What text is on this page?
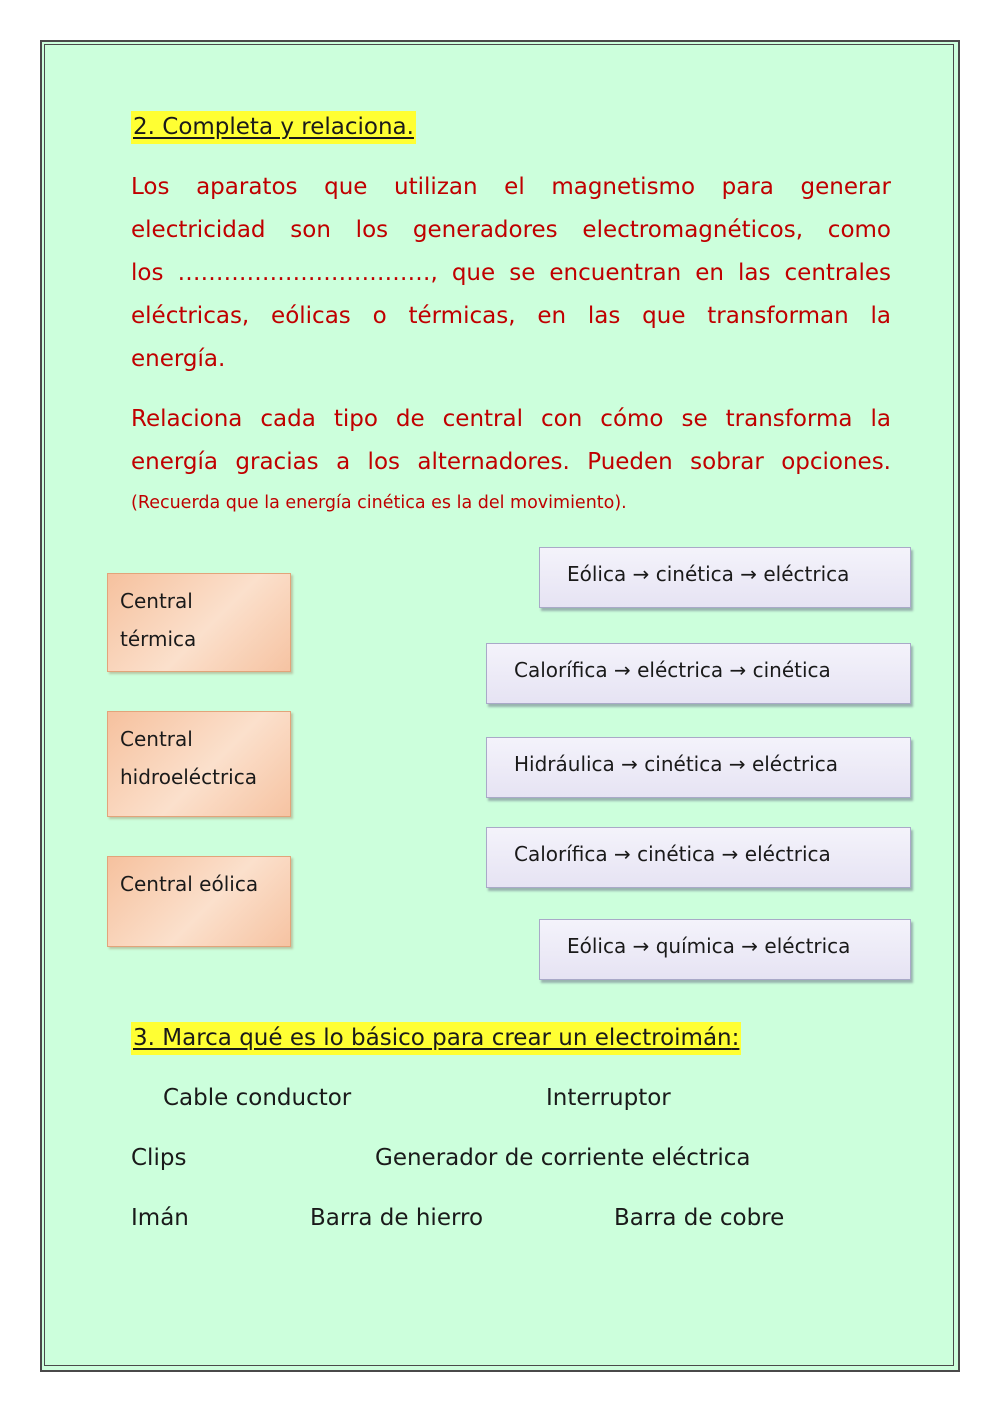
2. Completa y relaciona.
Los aparatos que utilizan el magnetismo para generar
electricidad son los generadores electromagnéticos, como
los ……………………………, que se encuentran en las centrales
eléctricas, eólicas o térmicas, en las que transforman la
energía.
Relaciona cada tipo de central con cómo se transforma la
energía gracias a los alternadores. Pueden sobrar opciones.
(Recuerda que la energía cinética es la del movimiento).
Central
térmica
Central
hidroeléctrica
Central eólica
Eólica → cinética → eléctrica
Calorífica → eléctrica → cinética
Hidráulica → cinética → eléctrica
Calorífica → cinética → eléctrica
Eólica → química → eléctrica
3. Marca qué es lo básico para crear un electroimán:
Cable conductor	Interruptor
Clips	Generador de corriente eléctrica
Imán	Barra de hierro	Barra de cobre
